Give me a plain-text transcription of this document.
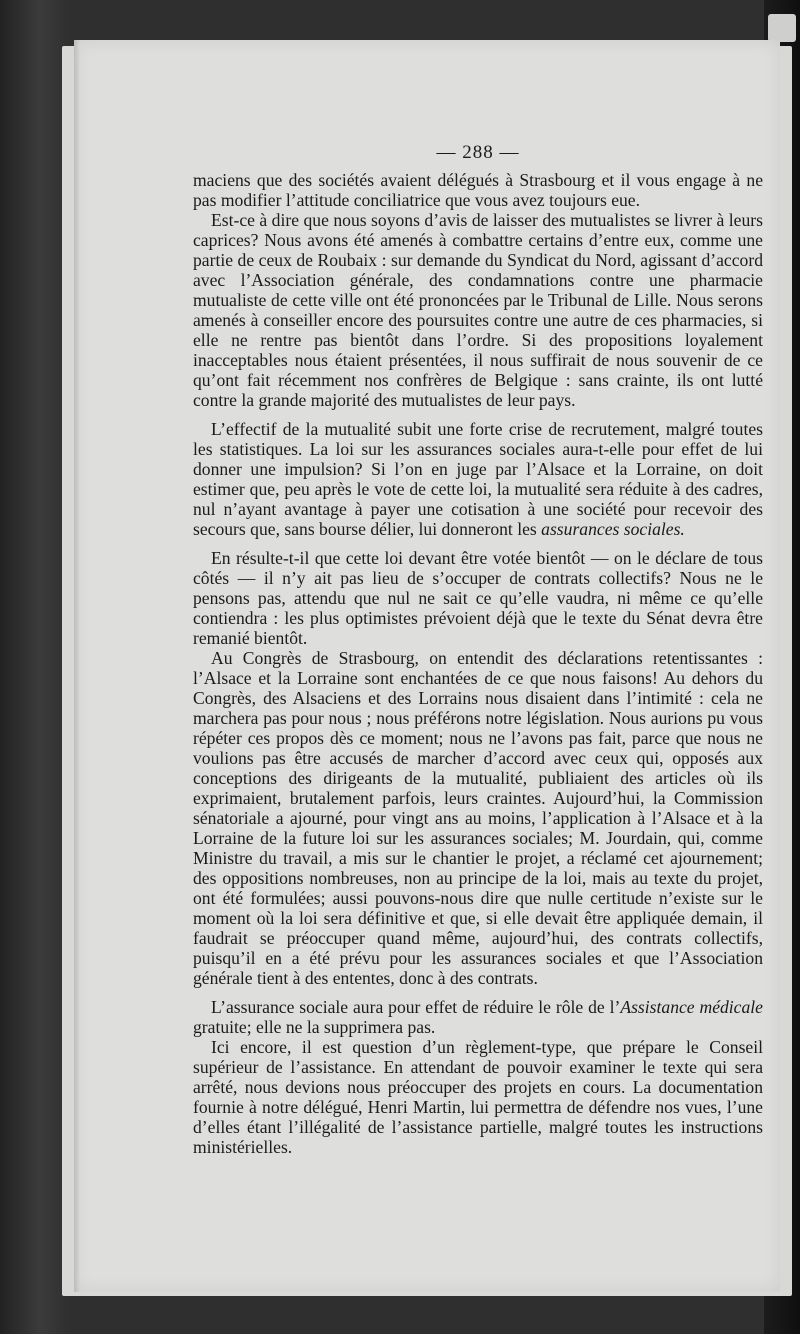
— 288 —

maciens que des sociétés avaient délégués à Strasbourg et il vous engage à ne pas modifier l’attitude conciliatrice que vous avez toujours eue.

Est-ce à dire que nous soyons d’avis de laisser des mutualistes se livrer à leurs caprices? Nous avons été amenés à combattre certains d’entre eux, comme une partie de ceux de Roubaix : sur demande du Syndicat du Nord, agissant d’accord avec l’Association générale, des condamnations contre une pharmacie mutualiste de cette ville ont été prononcées par le Tribunal de Lille. Nous serons amenés à conseiller encore des poursuites contre une autre de ces pharmacies, si elle ne rentre pas bientôt dans l’ordre. Si des propositions loyalement inacceptables nous étaient présentées, il nous suffirait de nous souvenir de ce qu’ont fait récemment nos confrères de Belgique : sans crainte, ils ont lutté contre la grande majorité des mutualistes de leur pays.

L’effectif de la mutualité subit une forte crise de recrutement, malgré toutes les statistiques. La loi sur les assurances sociales aura-t-elle pour effet de lui donner une impulsion? Si l’on en juge par l’Alsace et la Lorraine, on doit estimer que, peu après le vote de cette loi, la mutualité sera réduite à des cadres, nul n’ayant avantage à payer une cotisation à une société pour recevoir des secours que, sans bourse délier, lui donneront les assurances sociales.

En résulte-t-il que cette loi devant être votée bientôt — on le déclare de tous côtés — il n’y ait pas lieu de s’occuper de contrats collectifs? Nous ne le pensons pas, attendu que nul ne sait ce qu’elle vaudra, ni même ce qu’elle contiendra : les plus optimistes prévoient déjà que le texte du Sénat devra être remanié bientôt.

Au Congrès de Strasbourg, on entendit des déclarations retentissantes : l’Alsace et la Lorraine sont enchantées de ce que nous faisons! Au dehors du Congrès, des Alsaciens et des Lorrains nous disaient dans l’intimité : cela ne marchera pas pour nous ; nous préférons notre législation. Nous aurions pu vous répéter ces propos dès ce moment; nous ne l’avons pas fait, parce que nous ne voulions pas être accusés de marcher d’accord avec ceux qui, opposés aux conceptions des dirigeants de la mutualité, publiaient des articles où ils exprimaient, brutalement parfois, leurs craintes. Aujourd’hui, la Commission sénatoriale a ajourné, pour vingt ans au moins, l’application à l’Alsace et à la Lorraine de la future loi sur les assurances sociales; M. Jourdain, qui, comme Ministre du travail, a mis sur le chantier le projet, a réclamé cet ajournement; des oppositions nombreuses, non au principe de la loi, mais au texte du projet, ont été formulées; aussi pouvons-nous dire que nulle certitude n’existe sur le moment où la loi sera définitive et que, si elle devait être appliquée demain, il faudrait se préoccuper quand même, aujourd’hui, des contrats collectifs, puisqu’il en a été prévu pour les assurances sociales et que l’Association générale tient à des ententes, donc à des contrats.

L’assurance sociale aura pour effet de réduire le rôle de l’Assistance médicale gratuite; elle ne la supprimera pas.

Ici encore, il est question d’un règlement-type, que prépare le Conseil supérieur de l’assistance. En attendant de pouvoir examiner le texte qui sera arrêté, nous devions nous préoccuper des projets en cours. La documentation fournie à notre délégué, Henri Martin, lui permettra de défendre nos vues, l’une d’elles étant l’illégalité de l’assistance partielle, malgré toutes les instructions ministérielles.
